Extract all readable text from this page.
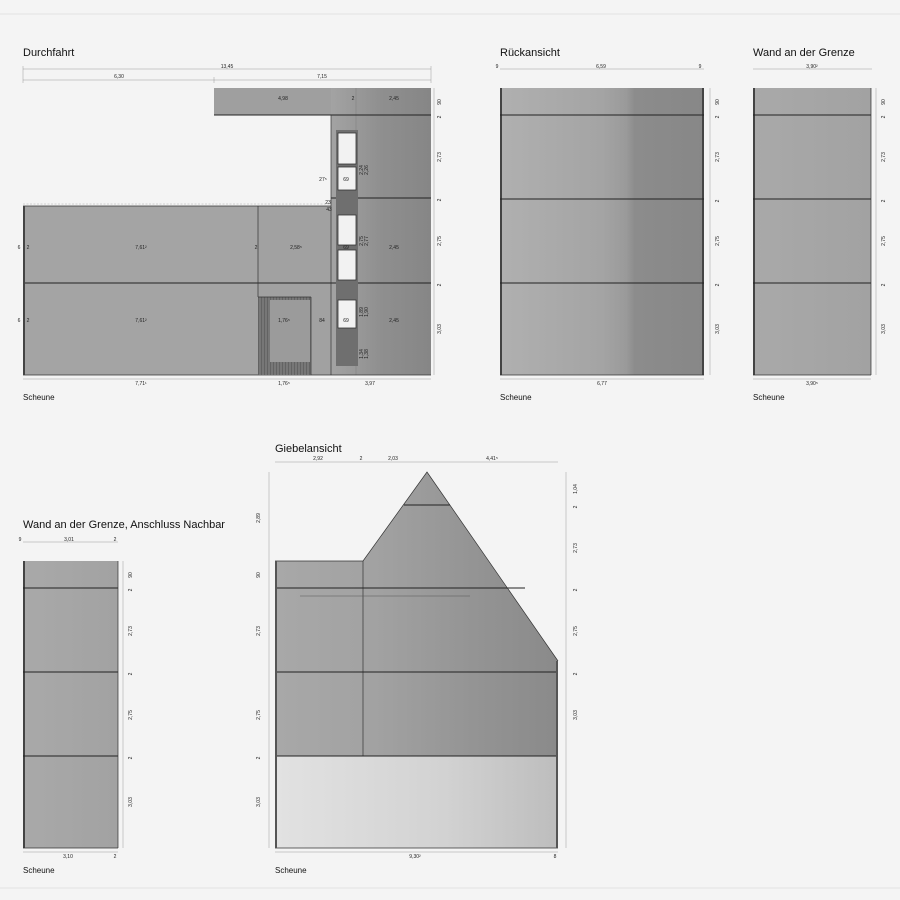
Durchfahrt
13,45
6,30	7,15
4,98	2	2,45
2	7,61²	2	2,58⁵	69	2,45
2	7,61²	1,76⁵	84	69	2,45
27⁵	69
23
43
2,24 2,26
2,75 2,77
1,89 1,90
1,34 1,38
6
6
90
2
2,73
2
2,75
2
3,03
7,71¹	1,76⁵	3,97
Scheune
Rückansicht
9	6,59	9
90
2
2,73
2
2,75
2
3,03
6,77
Scheune
Wand an der Grenze
3,90²
90
2
2,73
2
2,75
2
3,03
3,90⁵
Scheune
Wand an der Grenze, Anschluss Nachbar
9	3,01	2
90
2
2,73
2
2,75
2
3,03
3,10	2
Scheune
Giebelansicht
2,92	2	2,03	4,41⁵
2,89
90
2,73
2,75
2
3,03
1,04
2
2,73
2
2,75
2
3,03
9,30²	8
Scheune
